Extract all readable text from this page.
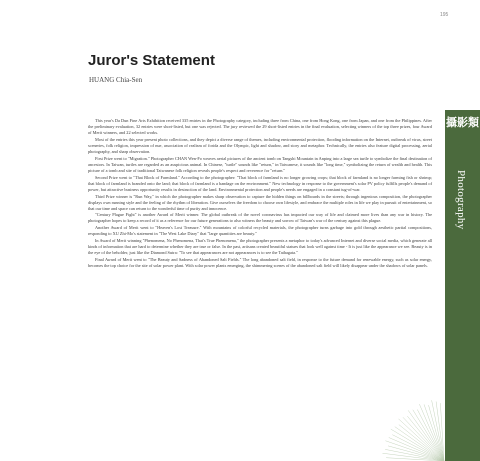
195
Juror's Statement
HUANG Chia-Sen

This year's Da Dun Fine Arts Exhibition received 335 entries in the Photography category, including three from China, one from Hong Kong, one from Japan, and one from the Philippines. After the preliminary evaluation, 32 entries were short-listed, but one was rejected. The jury reviewed the 29 short-listed entries in the final evaluation, selecting winners of the top three prizes, four Award of Merit winners, and 22 selected works.

Most of the entries this year present photo collections, and they depict a diverse range of themes, including environmental protection, flooding information on the Internet, outbreak of virus, street sceneries, folk religion, impression of nue, association of realism of forida and the Olympic, light and shadow, and story and metaphor. Technically, the entries also feature digital processing, aerial photography, and sharp observation.

First Prize went to "Migration." Photographer CHAN Wen-Fo weaves aerial pictures of the ancient tomb on Tangshi Mountain in Anping into a large sea turtle to symbolize the final destination of ancestors. In Taiwan, turtles are regarded as an auspicious animal. In Chinese, "turtle" sounds like "return," in Taiwanese, it sounds like "long time," symbolizing the return of wealth and health. This picture of a tomb and site of traditional Taiwanese folk religion reveals people's respect and reverence for "return."

Second Prize went to "That Block of Farmland." According to the photographer: "That block of farmland is no longer growing crops; that block of farmland is no longer farming fish or shrimp; that block of farmland is branded onto the land; that block of farmland is a bandage on the environment." New technology in response to the government's solar PV policy fulfills people's demand of power, but attractive business opportunity results in destruction of the land. Environmental protection and people's needs are engaged in a constant tug-of-war.

Third Prize winner is "Run Way," in which the photographer makes sharp observation to capture the hidden things on billboards in the streets; through ingenious composition, the photographer displays own running style and the feeling of the rhythm of liberation. Give ourselves the freedom to choose own lifestyle, and embrace the multiple roles in life we play in pursuit of entertainment, so that our time and space can return to the wonderful time of purity and innocence.

"Century Plague Fight" is another Award of Merit winner. The global outbreak of the novel coronavirus has impacted our way of life and claimed more lives than any war in history. The photographer hopes to keep a record of it as a reference for our future generations to also witness the beauty and sorrow of Taiwan's war of the century against this plague.

Another Award of Merit went to "Heaven's Lost Treasure." With mountains of colorful recycled materials, the photographer turns garbage into gold through aesthetic partial compositions, responding to XU Zhi-Mo's statement in "The West Lake Diary" that "large quantities are beauty."

In Award of Merit winning "Phenomena, No Phenomena, That's True Phenomena," the photographer presents a metaphor to today's advanced Internet and diverse social media, which generate all kinds of information that are hard to determine whether they are true or false. In the past, artisans created beautiful statues that look well against time - It is just like the appearance we see. Beauty is in the eye of the beholder, just like the Diamond Sutra: "To see that appearances are not appearances is to see the Tathagata."

Final Award of Merit went to "The Beauty and Sadness of Abandoned Salt Fields." The long abandoned salt field, in response to the future demand for renewable energy, such as solar energy, becomes the top choice for the site of solar power plant. With solar power plants emerging, the shimmering scenes of the abandoned salt field will likely disappear under the shadows of solar panels.

攝影類
Photography
